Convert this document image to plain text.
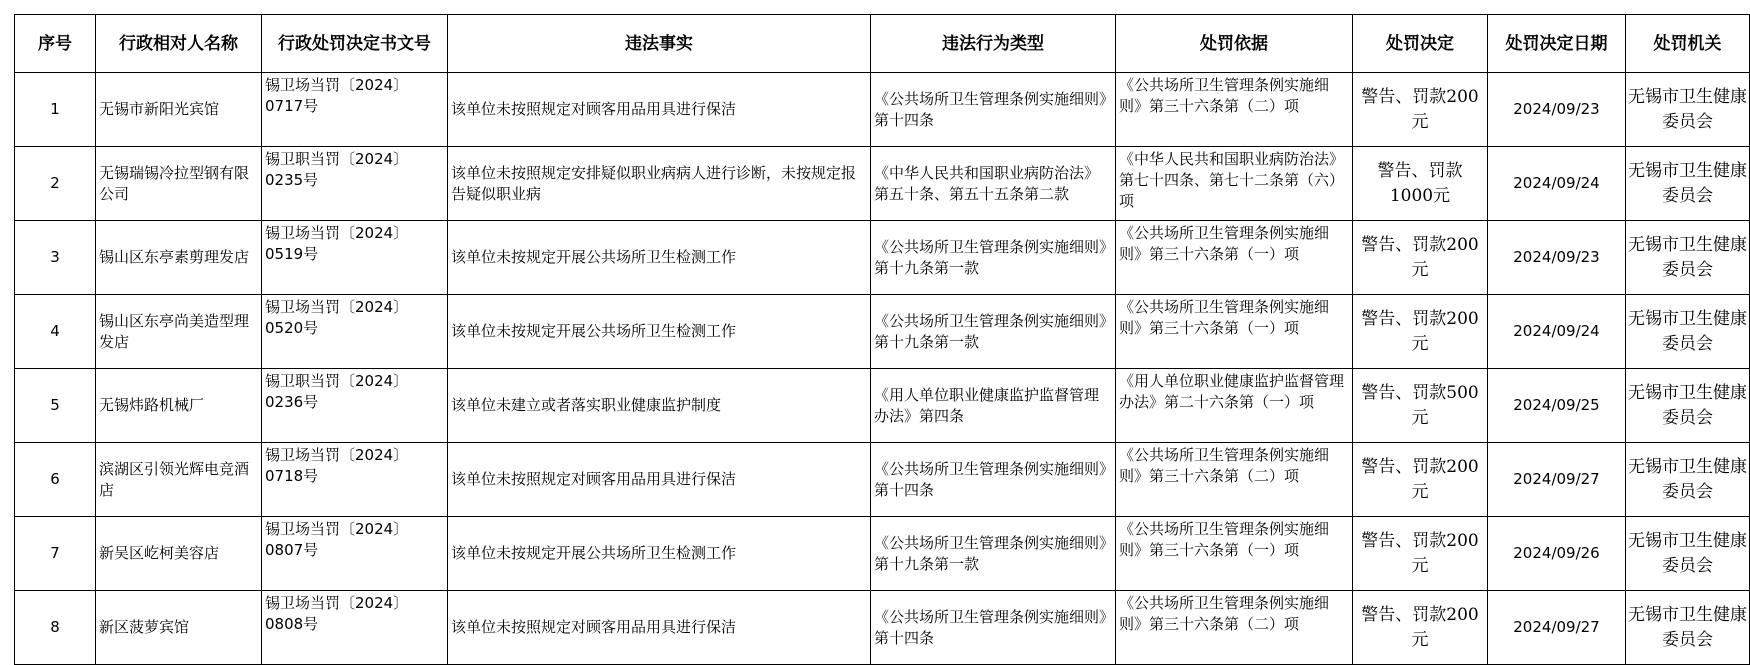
序号	行政相对人名称	行政处罚决定书文号	违法事实	违法行为类型	处罚依据	处罚决定	处罚决定日期	处罚机关
1	无锡市新阳光宾馆	锡卫场当罚〔2024〕0717号	该单位未按照规定对顾客用品用具进行保洁	《公共场所卫生管理条例实施细则》第十四条	《公共场所卫生管理条例实施细则》第三十六条第（二）项	警告、罚款200元	2024/09/23	无锡市卫生健康委员会
2	无锡瑞锡冷拉型钢有限公司	锡卫职当罚〔2024〕0235号	该单位未按照规定安排疑似职业病病人进行诊断，未按规定报告疑似职业病	《中华人民共和国职业病防治法》第五十条、第五十五条第二款	《中华人民共和国职业病防治法》第七十四条、第七十二条第（六）项	警告、罚款1000元	2024/09/24	无锡市卫生健康委员会
3	锡山区东亭素剪理发店	锡卫场当罚〔2024〕0519号	该单位未按规定开展公共场所卫生检测工作	《公共场所卫生管理条例实施细则》第十九条第一款	《公共场所卫生管理条例实施细则》第三十六条第（一）项	警告、罚款200元	2024/09/23	无锡市卫生健康委员会
4	锡山区东亭尚美造型理发店	锡卫场当罚〔2024〕0520号	该单位未按规定开展公共场所卫生检测工作	《公共场所卫生管理条例实施细则》第十九条第一款	《公共场所卫生管理条例实施细则》第三十六条第（一）项	警告、罚款200元	2024/09/24	无锡市卫生健康委员会
5	无锡炜路机械厂	锡卫职当罚〔2024〕0236号	该单位未建立或者落实职业健康监护制度	《用人单位职业健康监护监督管理办法》第四条	《用人单位职业健康监护监督管理办法》第二十六条第（一）项	警告、罚款500元	2024/09/25	无锡市卫生健康委员会
6	滨湖区引领光辉电竞酒店	锡卫场当罚〔2024〕0718号	该单位未按照规定对顾客用品用具进行保洁	《公共场所卫生管理条例实施细则》第十四条	《公共场所卫生管理条例实施细则》第三十六条第（二）项	警告、罚款200元	2024/09/27	无锡市卫生健康委员会
7	新吴区屹柯美容店	锡卫场当罚〔2024〕0807号	该单位未按规定开展公共场所卫生检测工作	《公共场所卫生管理条例实施细则》第十九条第一款	《公共场所卫生管理条例实施细则》第三十六条第（一）项	警告、罚款200元	2024/09/26	无锡市卫生健康委员会
8	新区菠萝宾馆	锡卫场当罚〔2024〕0808号	该单位未按照规定对顾客用品用具进行保洁	《公共场所卫生管理条例实施细则》第十四条	《公共场所卫生管理条例实施细则》第三十六条第（二）项	警告、罚款200元	2024/09/27	无锡市卫生健康委员会
